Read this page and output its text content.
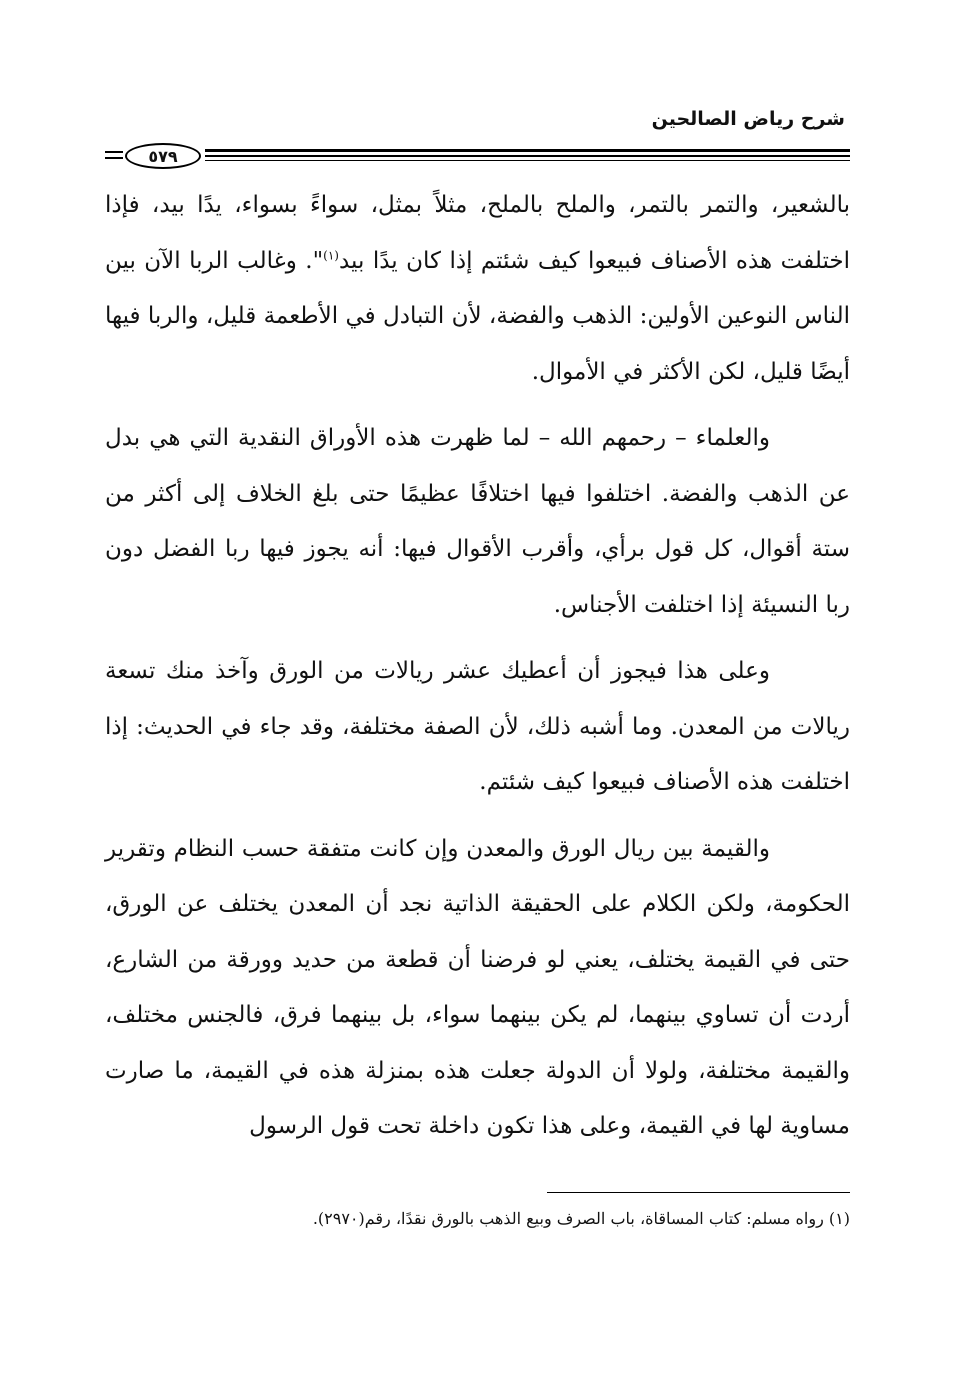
شرح رياض الصالحين
٥٧٩

بالشعير، والتمر بالتمر، والملح بالملح، مثلاً بمثل، سواءً بسواء، يدًا بيد، فإذا اختلفت هذه الأصناف فبيعوا كيف شئتم إذا كان يدًا بيد$^{(١)}$". وغالب الربا الآن بين الناس النوعين الأولين: الذهب والفضة، لأن التبادل في الأطعمة قليل، والربا فيها أيضًا قليل، لكن الأكثر في الأموال.

والعلماء – رحمهم الله – لما ظهرت هذه الأوراق النقدية التي هي بدل عن الذهب والفضة. اختلفوا فيها اختلافًا عظيمًا حتى بلغ الخلاف إلى أكثر من ستة أقوال، كل قول برأي، وأقرب الأقوال فيها: أنه يجوز فيها ربا الفضل دون ربا النسيئة إذا اختلفت الأجناس.

وعلى هذا فيجوز أن أعطيك عشر ريالات من الورق وآخذ منك تسعة ريالات من المعدن. وما أشبه ذلك، لأن الصفة مختلفة، وقد جاء في الحديث: إذا اختلفت هذه الأصناف فبيعوا كيف شئتم.

والقيمة بين ريال الورق والمعدن وإن كانت متفقة حسب النظام وتقرير الحكومة، ولكن الكلام على الحقيقة الذاتية نجد أن المعدن يختلف عن الورق، حتى في القيمة يختلف، يعني لو فرضنا أن قطعة من حديد وورقة من الشارع، أردت أن تساوي بينهما، لم يكن بينهما سواء، بل بينهما فرق، فالجنس مختلف، والقيمة مختلفة، ولولا أن الدولة جعلت هذه بمنزلة هذه في القيمة، ما صارت مساوية لها في القيمة، وعلى هذا تكون داخلة تحت قول الرسول

(١) رواه مسلم: كتاب المساقاة، باب الصرف وبيع الذهب بالورق نقدًا، رقم(٢٩٧٠).
